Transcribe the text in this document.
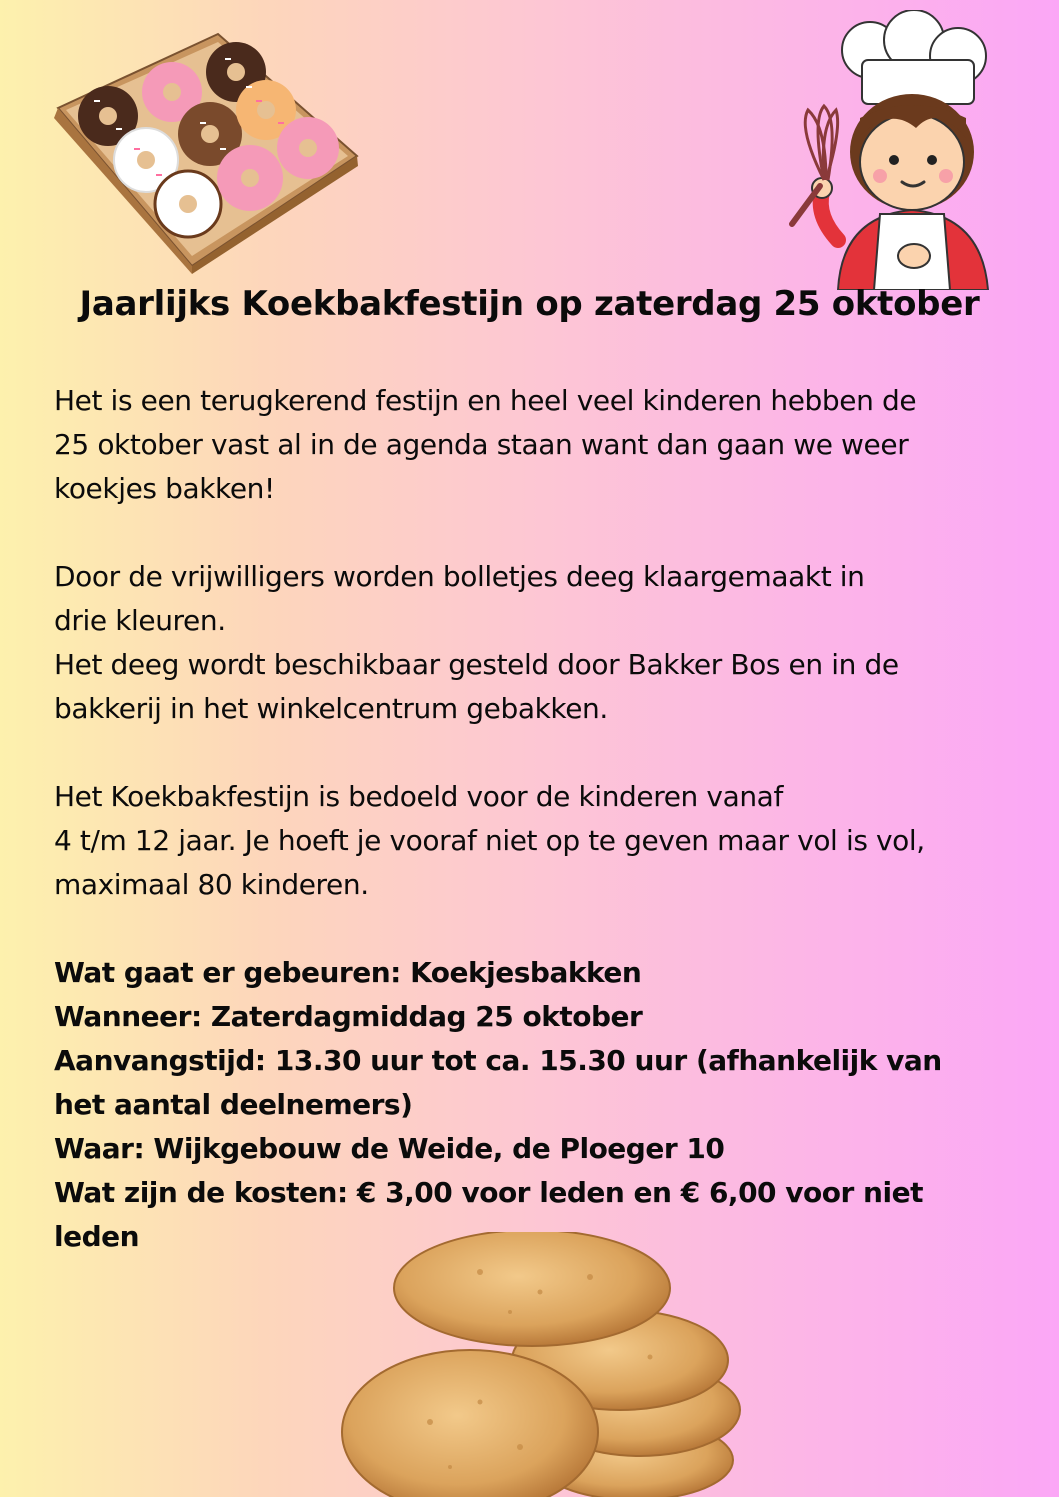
Jaarlijks Koekbakfestijn op zaterdag 25 oktober

Het is een terugkerend festijn en heel veel kinderen hebben de

25 oktober vast al in de agenda staan want dan gaan we weer

koekjes bakken!

Door de vrijwilligers worden bolletjes deeg klaargemaakt in

drie kleuren.

Het deeg wordt beschikbaar gesteld door Bakker Bos en in de

bakkerij in het winkelcentrum gebakken.

Het Koekbakfestijn is bedoeld voor de kinderen vanaf

4 t/m 12 jaar. Je hoeft je vooraf niet op te geven maar vol is vol,

maximaal 80 kinderen.

Wat gaat er gebeuren: Koekjesbakken

Wanneer: Zaterdagmiddag 25 oktober

Aanvangstijd: 13.30 uur tot ca. 15.30 uur (afhankelijk van

het aantal deelnemers)

Waar: Wijkgebouw de Weide, de Ploeger 10

Wat zijn de kosten: € 3,00 voor leden en € 6,00 voor niet

leden
